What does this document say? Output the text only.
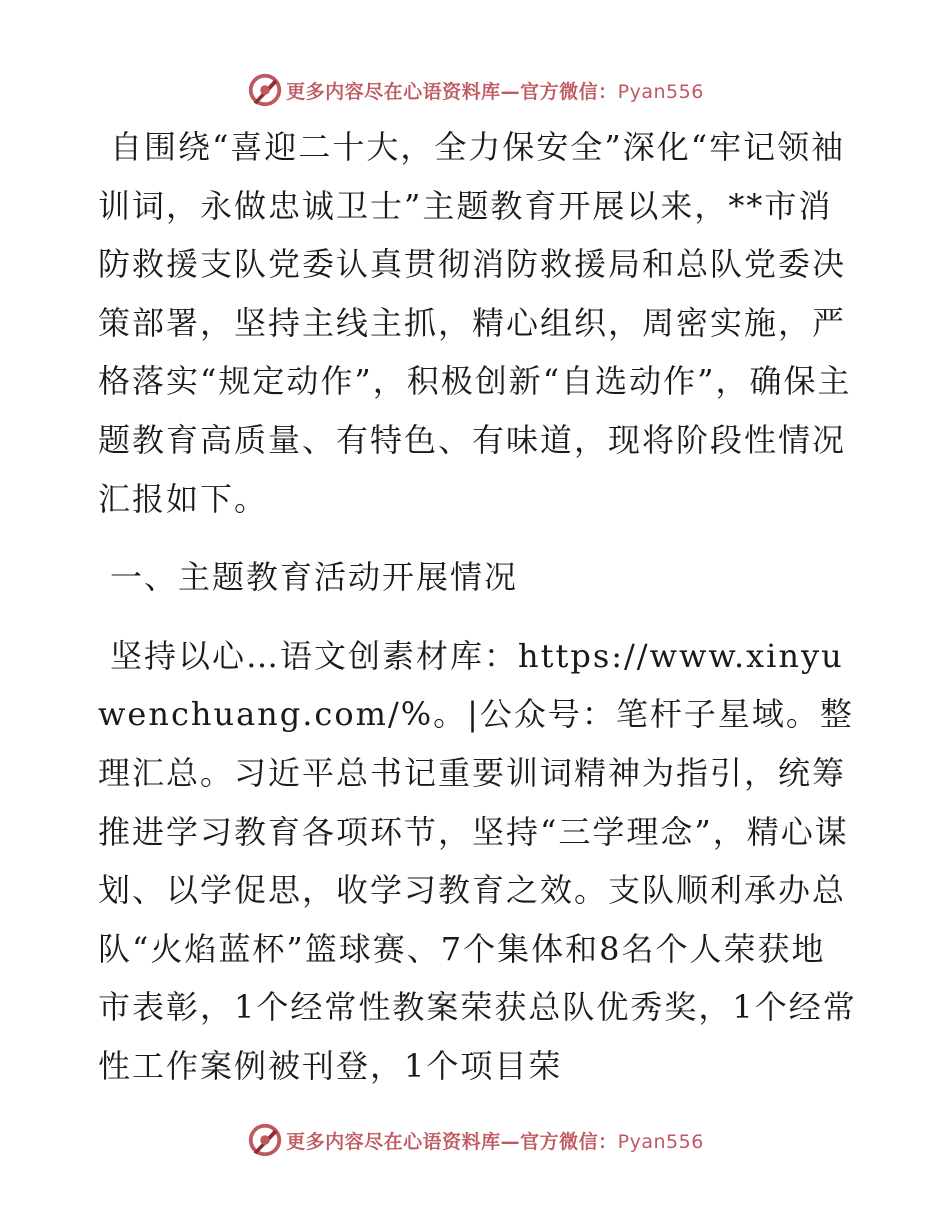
更多内容尽在心语资料库—官方微信：Pyan556

自围绕“喜迎二十大，全力保安全”深化“牢记领袖训词，永做忠诚卫士”主题教育开展以来，**市消防救援支队党委认真贯彻消防救援局和总队党委决策部署，坚持主线主抓，精心组织，周密实施，严格落实“规定动作”，积极创新“自选动作”，确保主题教育高质量、有特色、有味道，现将阶段性情况汇报如下。

一、主题教育活动开展情况

坚持以心…语文创素材库：https://www.xinyuwenchuang.com/%。|公众号：笔杆子星域。整理汇总。习近平总书记重要训词精神为指引，统筹推进学习教育各项环节，坚持“三学理念”，精心谋划、以学促思，收学习教育之效。支队顺利承办总队“火焰蓝杯”篮球赛、7个集体和8名个人荣获地市表彰，1个经常性教案荣获总队优秀奖，1个经常性工作案例被刊登，1个项目荣

更多内容尽在心语资料库—官方微信：Pyan556
